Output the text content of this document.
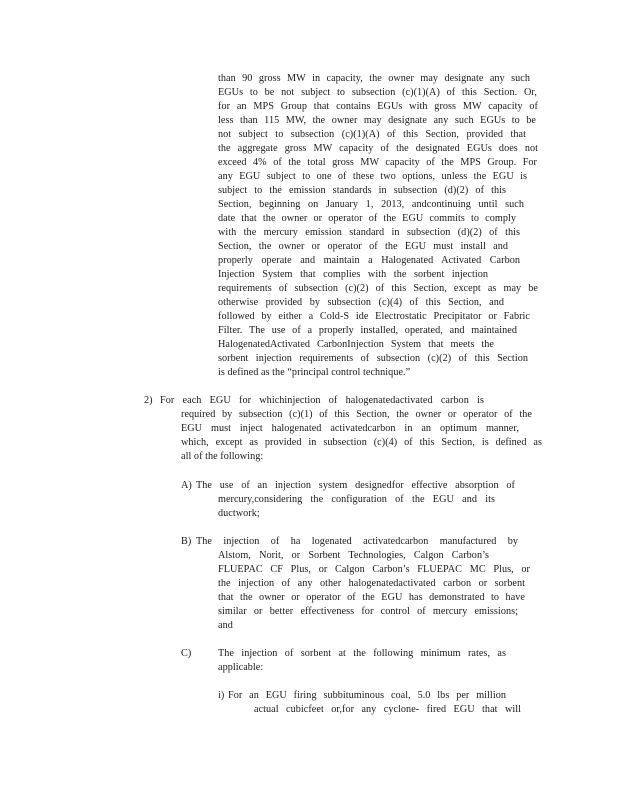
than 90 gross MW in capacity, the owner may designate any such

EGUs to be not subject to subsection (c)(1)(A) of this Section. Or,

for an MPS Group that contains EGUs with gross MW capacity of

less than 115 MW, the owner may designate any such EGUs to be

not subject to subsection (c)(1)(A) of this Section, provided that

the aggregate gross MW capacity of the designated EGUs does not

exceed 4% of the total gross MW capacity of the MPS Group. For

any EGU subject to one of these two options, unless the EGU is

subject to the emission standards in subsection (d)(2) of this

Section, beginning on January 1, 2013, andcontinuing until such

date that the owner or operator of the EGU commits to comply

with the mercury emission standard in subsection (d)(2) of this

Section, the owner or operator of the EGU must install and

properly operate and maintain a Halogenated Activated Carbon

Injection System that complies with the sorbent injection

requirements of subsection (c)(2) of this Section, except as may be

otherwise provided by subsection (c)(4) of this Section, and

followed by either a Cold-S ide Electrostatic Precipitator or Fabric

Filter. The use of a properly installed, operated, and maintained

HalogenatedActivated CarbonInjection System that meets the

sorbent injection requirements of subsection (c)(2) of this Section

is defined as the “principal control technique.”

2) For each EGU for whichinjection of halogenatedactivated carbon is

required by subsection (c)(1) of this Section, the owner or operator of the

EGU must inject halogenated activatedcarbon in an optimum manner,

which, except as provided in subsection (c)(4) of this Section, is defined as

all of the following:

A) The use of an injection system designedfor effective absorption of

mercury,considering the configuration of the EGU and its

ductwork;

B) The injection of ha logenated activatedcarbon manufactured by

Alstom, Norit, or Sorbent Technologies, Calgon Carbon’s

FLUEPAC CF Plus, or Calgon Carbon’s FLUEPAC MC Plus, or

the injection of any other halogenatedactivated carbon or sorbent

that the owner or operator of the EGU has demonstrated to have

similar or better effectiveness for control of mercury emissions;

and

C)	The injection of sorbent at the following minimum rates, as

applicable:

i) For an EGU firing subbituminous coal, 5.0 lbs per million

actual cubicfeet or,for any cyclone- fired EGU that will
